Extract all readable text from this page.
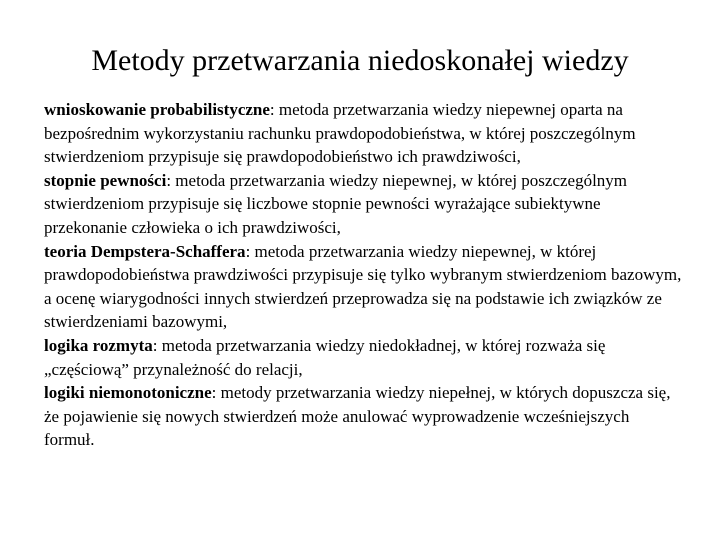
Metody przetwarzania niedoskonałej wiedzy
wnioskowanie probabilistyczne: metoda przetwarzania wiedzy niepewnej oparta na bezpośrednim wykorzystaniu rachunku prawdopodobieństwa, w której poszczególnym stwierdzeniom przypisuje się prawdopodobieństwo ich prawdziwości,
stopnie pewności: metoda przetwarzania wiedzy niepewnej, w której poszczególnym stwierdzeniom przypisuje się liczbowe stopnie pewności wyrażające subiektywne przekonanie człowieka o ich prawdziwości,
teoria Dempstera-Schaffera: metoda przetwarzania wiedzy niepewnej, w której prawdopodobieństwa prawdziwości przypisuje się tylko wybranym stwierdzeniom bazowym, a ocenę wiarygodności innych stwierdzeń przeprowadza się na podstawie ich związków ze stwierdzeniami bazowymi,
logika rozmyta: metoda przetwarzania wiedzy niedokładnej, w której rozważa się „częściową” przynależność do relacji,
logiki niemonotoniczne: metody przetwarzania wiedzy niepełnej, w których dopuszcza się, że pojawienie się nowych stwierdzeń może anulować wyprowadzenie wcześniejszych formuł.
